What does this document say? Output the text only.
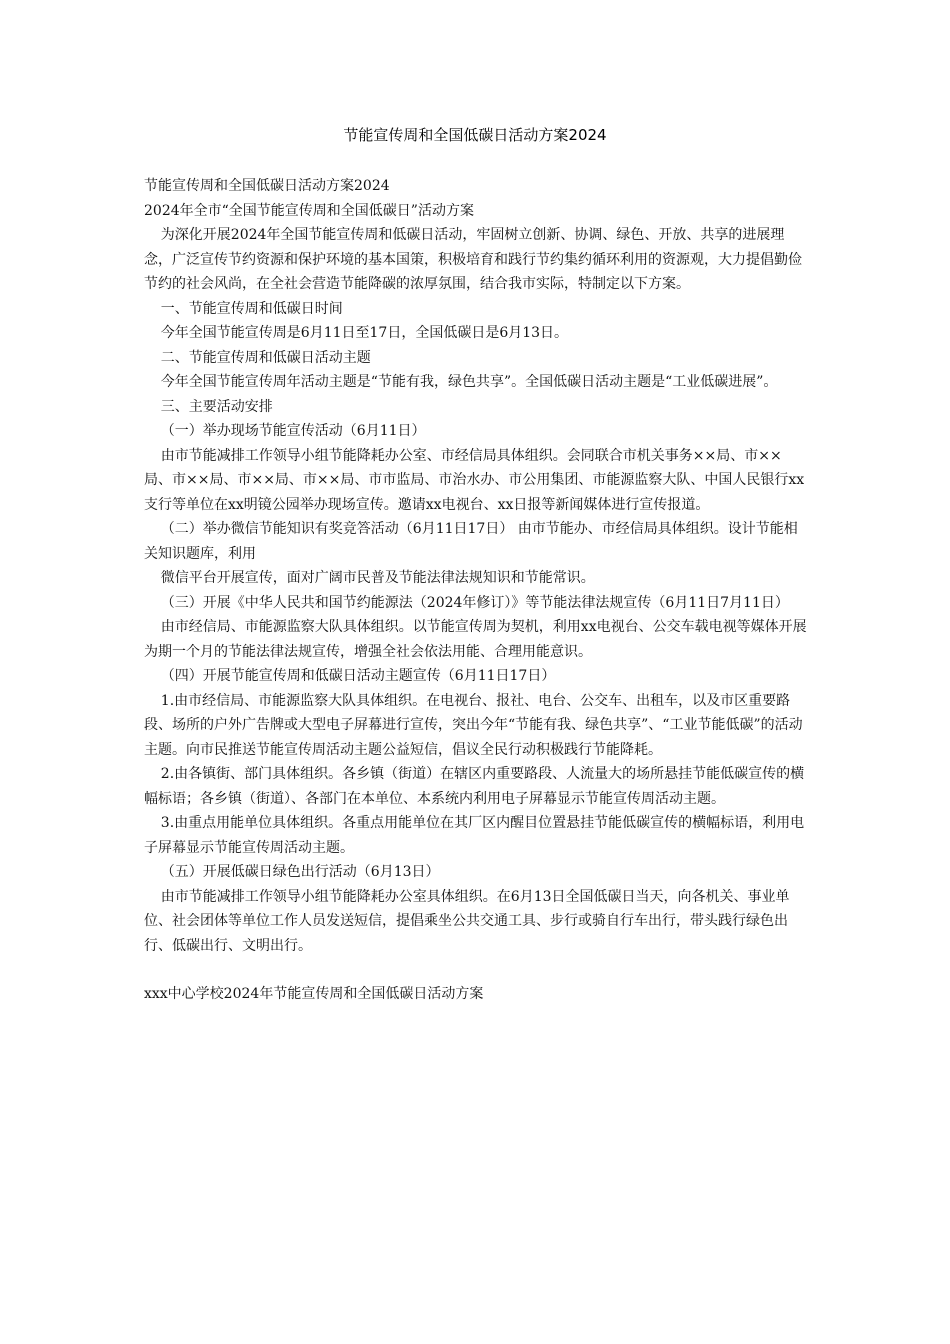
节能宣传周和全国低碳日活动方案2024

节能宣传周和全国低碳日活动方案2024

2024年全市“全国节能宣传周和全国低碳日”活动方案

为深化开展2024年全国节能宣传周和低碳日活动，牢固树立创新、协调、绿色、开放、共享的进展理念，广泛宣传节约资源和保护环境的基本国策，积极培育和践行节约集约循环利用的资源观，大力提倡勤俭节约的社会风尚，在全社会营造节能降碳的浓厚氛围，结合我市实际，特制定以下方案。

一、节能宣传周和低碳日时间

今年全国节能宣传周是6月11日至17日，全国低碳日是6月13日。

二、节能宣传周和低碳日活动主题

今年全国节能宣传周年活动主题是“节能有我，绿色共享”。全国低碳日活动主题是“工业低碳进展”。

三、主要活动安排

（一）举办现场节能宣传活动（6月11日）

由市节能减排工作领导小组节能降耗办公室、市经信局具体组织。会同联合市机关事务××局、市××局、市××局、市××局、市××局、市市监局、市治水办、市公用集团、市能源监察大队、中国人民银行xx支行等单位在xx明镜公园举办现场宣传。邀请xx电视台、xx日报等新闻媒体进行宣传报道。

（二）举办微信节能知识有奖竞答活动（6月11日17日） 由市节能办、市经信局具体组织。设计节能相关知识题库，利用

微信平台开展宣传，面对广阔市民普及节能法律法规知识和节能常识。

（三）开展《中华人民共和国节约能源法（2024年修订）》等节能法律法规宣传（6月11日7月11日）

由市经信局、市能源监察大队具体组织。以节能宣传周为契机，利用xx电视台、公交车载电视等媒体开展为期一个月的节能法律法规宣传，增强全社会依法用能、合理用能意识。

（四）开展节能宣传周和低碳日活动主题宣传（6月11日17日）

1.由市经信局、市能源监察大队具体组织。在电视台、报社、电台、公交车、出租车，以及市区重要路段、场所的户外广告牌或大型电子屏幕进行宣传，突出今年“节能有我、绿色共享”、“工业节能低碳”的活动主题。向市民推送节能宣传周活动主题公益短信，倡议全民行动积极践行节能降耗。

2.由各镇街、部门具体组织。各乡镇（街道）在辖区内重要路段、人流量大的场所悬挂节能低碳宣传的横幅标语；各乡镇（街道）、各部门在本单位、本系统内利用电子屏幕显示节能宣传周活动主题。

3.由重点用能单位具体组织。各重点用能单位在其厂区内醒目位置悬挂节能低碳宣传的横幅标语，利用电子屏幕显示节能宣传周活动主题。

（五）开展低碳日绿色出行活动（6月13日）

由市节能减排工作领导小组节能降耗办公室具体组织。在6月13日全国低碳日当天，向各机关、事业单位、社会团体等单位工作人员发送短信，提倡乘坐公共交通工具、步行或骑自行车出行，带头践行绿色出行、低碳出行、文明出行。

xxx中心学校2024年节能宣传周和全国低碳日活动方案
